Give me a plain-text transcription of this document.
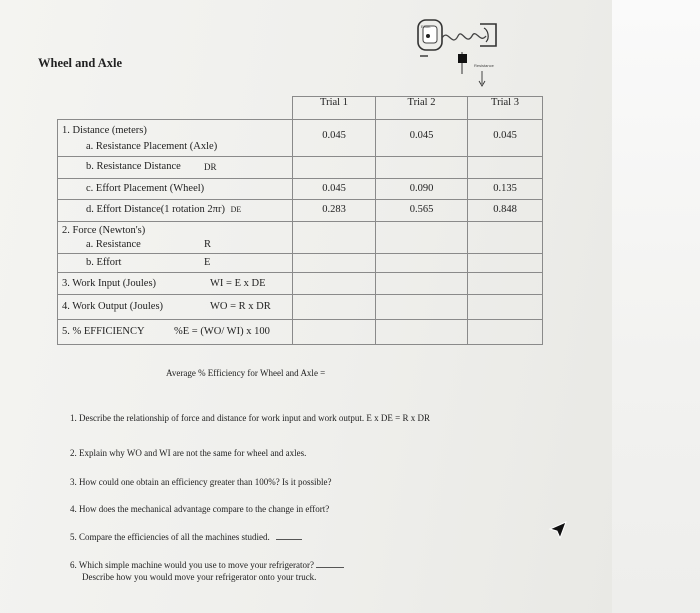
Wheel and Axle
Effort
Resistance
	Trial 1	Trial 2	Trial 3

1. Distance (meters)
a. Resistance Placement (Axle)	0.045	0.045	0.045

b. Resistance Distance DR			

c. Effort Placement (Wheel)	0.045	0.090	0.135

d. Effort Distance(1 rotation 2πr) DE	0.283	0.565	0.848

2. Force (Newton's)
a. Resistance R			

b. Effort E			

3. Work Input (Joules) WI = E x DE			

4. Work Output (Joules) WO = R x DR			

5. % EFFICIENCY %E = (WO/ WI) x 100			

Average % Efficiency for Wheel and Axle =
1. Describe the relationship of force and distance for work input and work output. E x DE = R x DR
2. Explain why WO and WI are not the same for wheel and axles.
3. How could one obtain an efficiency greater than 100%? Is it possible?
4. How does the mechanical advantage compare to the change in effort?
5. Compare the efficiencies of all the machines studied.
6. Which simple machine would you use to move your refrigerator?
Describe how you would move your refrigerator onto your truck.
